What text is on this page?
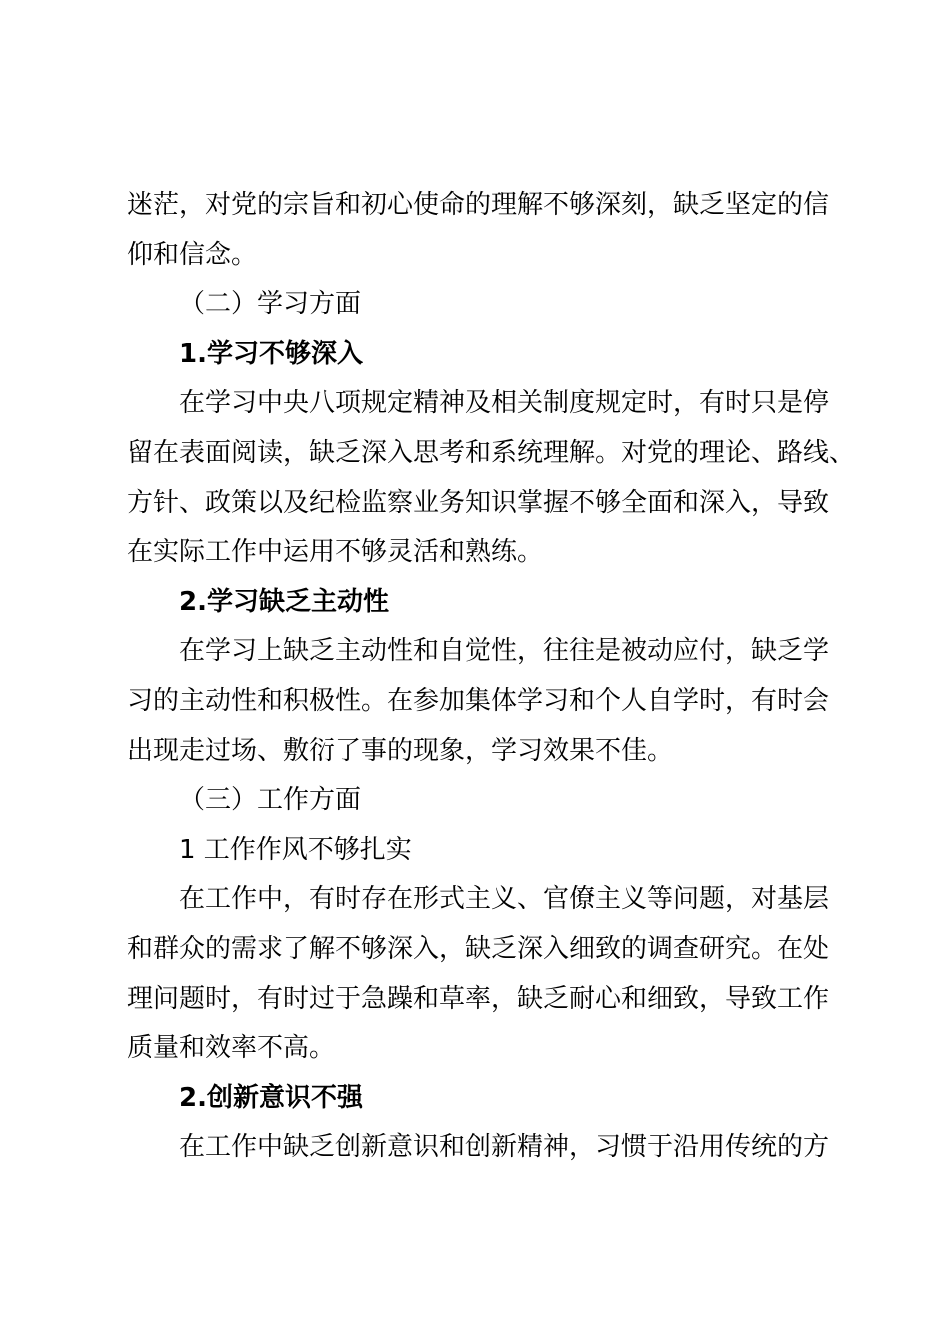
迷茫，对党的宗旨和初心使命的理解不够深刻，缺乏坚定的信
仰和信念。
（二）学习方面
1.学习不够深入
在学习中央八项规定精神及相关制度规定时，有时只是停
留在表面阅读，缺乏深入思考和系统理解。对党的理论、路线、
方针、政策以及纪检监察业务知识掌握不够全面和深入，导致
在实际工作中运用不够灵活和熟练。
2.学习缺乏主动性
在学习上缺乏主动性和自觉性，往往是被动应付，缺乏学
习的主动性和积极性。在参加集体学习和个人自学时，有时会
出现走过场、敷衍了事的现象，学习效果不佳。
（三）工作方面
1 工作作风不够扎实
在工作中，有时存在形式主义、官僚主义等问题，对基层
和群众的需求了解不够深入，缺乏深入细致的调查研究。在处
理问题时，有时过于急躁和草率，缺乏耐心和细致，导致工作
质量和效率不高。
2.创新意识不强
在工作中缺乏创新意识和创新精神，习惯于沿用传统的方
